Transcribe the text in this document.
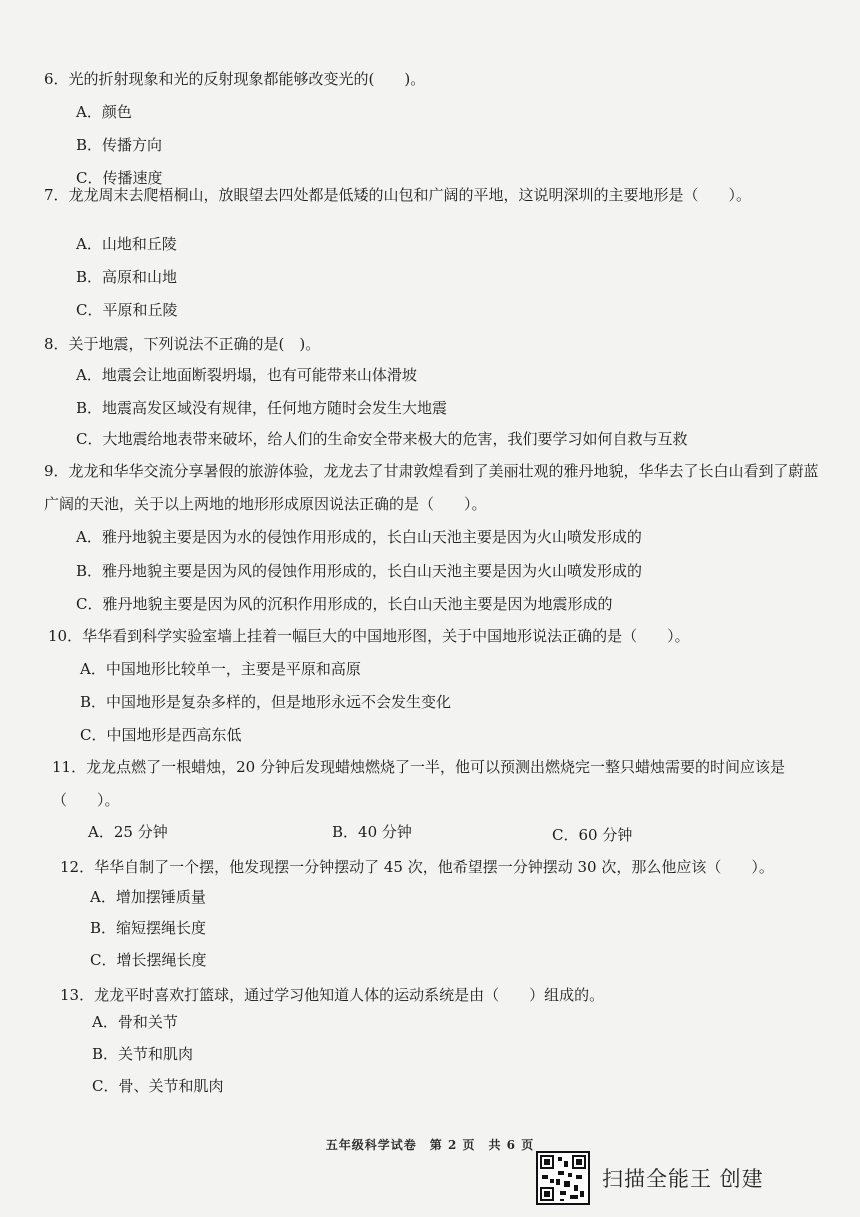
6．光的折射现象和光的反射现象都能够改变光的(　　)。
A．颜色
B．传播方向
C．传播速度
7．龙龙周末去爬梧桐山，放眼望去四处都是低矮的山包和广阔的平地，这说明深圳的主要地形是（　　）。
A．山地和丘陵
B．高原和山地
C．平原和丘陵
8．关于地震，下列说法不正确的是(　)。
A．地震会让地面断裂坍塌，也有可能带来山体滑坡
B．地震高发区域没有规律，任何地方随时会发生大地震
C．大地震给地表带来破坏，给人们的生命安全带来极大的危害，我们要学习如何自救与互救
9．龙龙和华华交流分享暑假的旅游体验，龙龙去了甘肃敦煌看到了美丽壮观的雅丹地貌，华华去了长白山看到了蔚蓝广阔的天池，关于以上两地的地形形成原因说法正确的是（　　）。
A．雅丹地貌主要是因为水的侵蚀作用形成的，长白山天池主要是因为火山喷发形成的
B．雅丹地貌主要是因为风的侵蚀作用形成的，长白山天池主要是因为火山喷发形成的
C．雅丹地貌主要是因为风的沉积作用形成的，长白山天池主要是因为地震形成的
10．华华看到科学实验室墙上挂着一幅巨大的中国地形图，关于中国地形说法正确的是（　　）。
A．中国地形比较单一，主要是平原和高原
B．中国地形是复杂多样的，但是地形永远不会发生变化
C．中国地形是西高东低
11．龙龙点燃了一根蜡烛，20 分钟后发现蜡烛燃烧了一半，他可以预测出燃烧完一整只蜡烛需要的时间应该是（　　）。
A．25 分钟	B．40 分钟	C．60 分钟
12．华华自制了一个摆，他发现摆一分钟摆动了 45 次，他希望摆一分钟摆动 30 次，那么他应该（　　）。
A．增加摆锤质量
B．缩短摆绳长度
C．增长摆绳长度
13．龙龙平时喜欢打篮球，通过学习他知道人体的运动系统是由（　　）组成的。
A．骨和关节
B．关节和肌肉
C．骨、关节和肌肉
五年级科学试卷　第 2 页　共 6 页
扫描全能王 创建
